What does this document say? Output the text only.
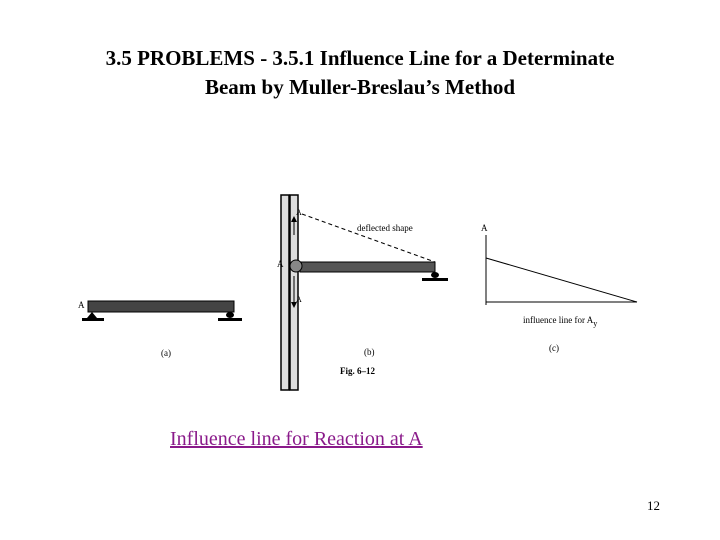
3.5 PROBLEMS - 3.5.1 Influence Line for a Determinate
Beam by Muller-Breslau’s Method
A
A
A
A
deflected shape	A
influence line for $A_y$
(a)	(b)	(c)
Fig. 6–12
Influence line for Reaction at A
12
